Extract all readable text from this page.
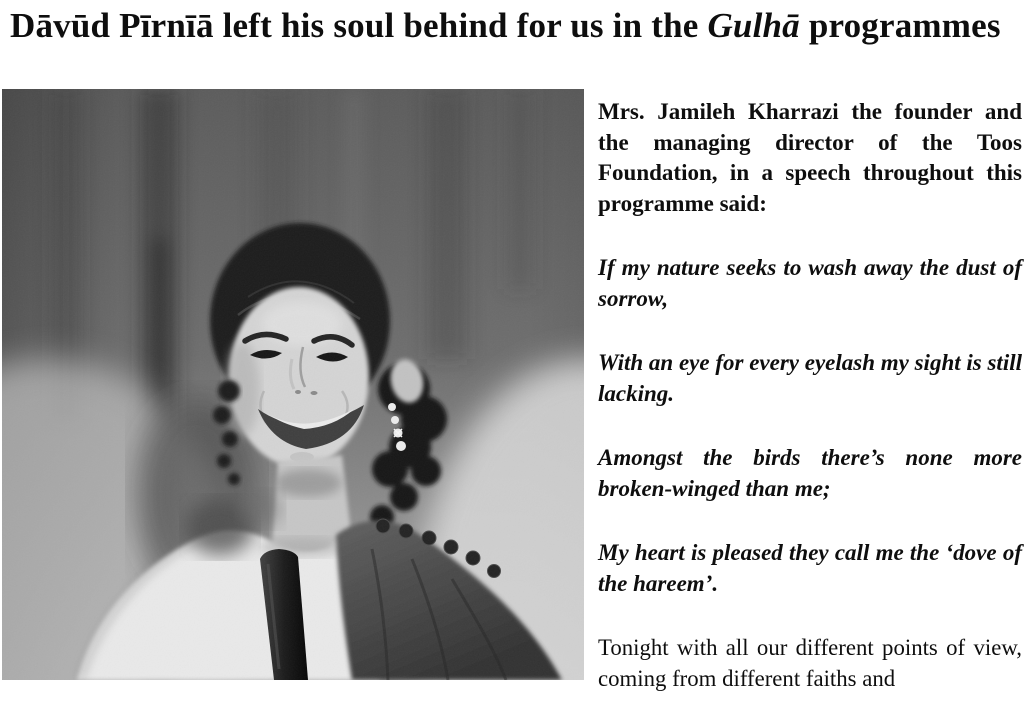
Dāvūd Pīrnīā left his soul behind for us in the Gulhā programmes

Mrs. Jamileh Kharrazi the founder and the managing director of the Toos Foundation, in a speech throughout this programme said:

If my nature seeks to wash away the dust of sorrow,

With an eye for every eyelash my sight is still lacking.

Amongst the birds there’s none more broken-winged than me;

My heart is pleased they call me the ‘dove of the hareem’.

Tonight with all our different points of view, coming from different faiths and
